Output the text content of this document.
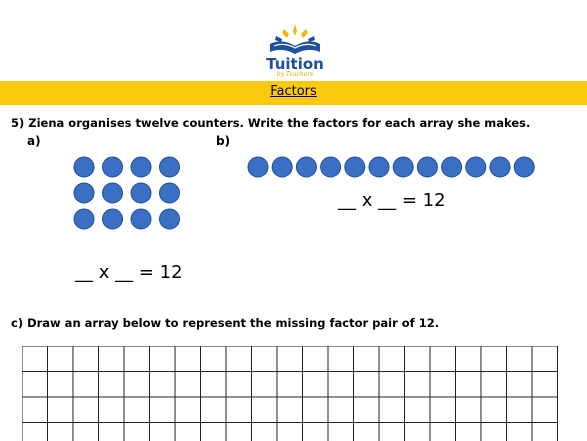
Tuition
by Teachers
Factors
5) Ziena organises twelve counters. Write the factors for each array she makes.
a)	b)
__ x __ = 12
__ x __ = 12
c) Draw an array below to represent the missing factor pair of 12.
